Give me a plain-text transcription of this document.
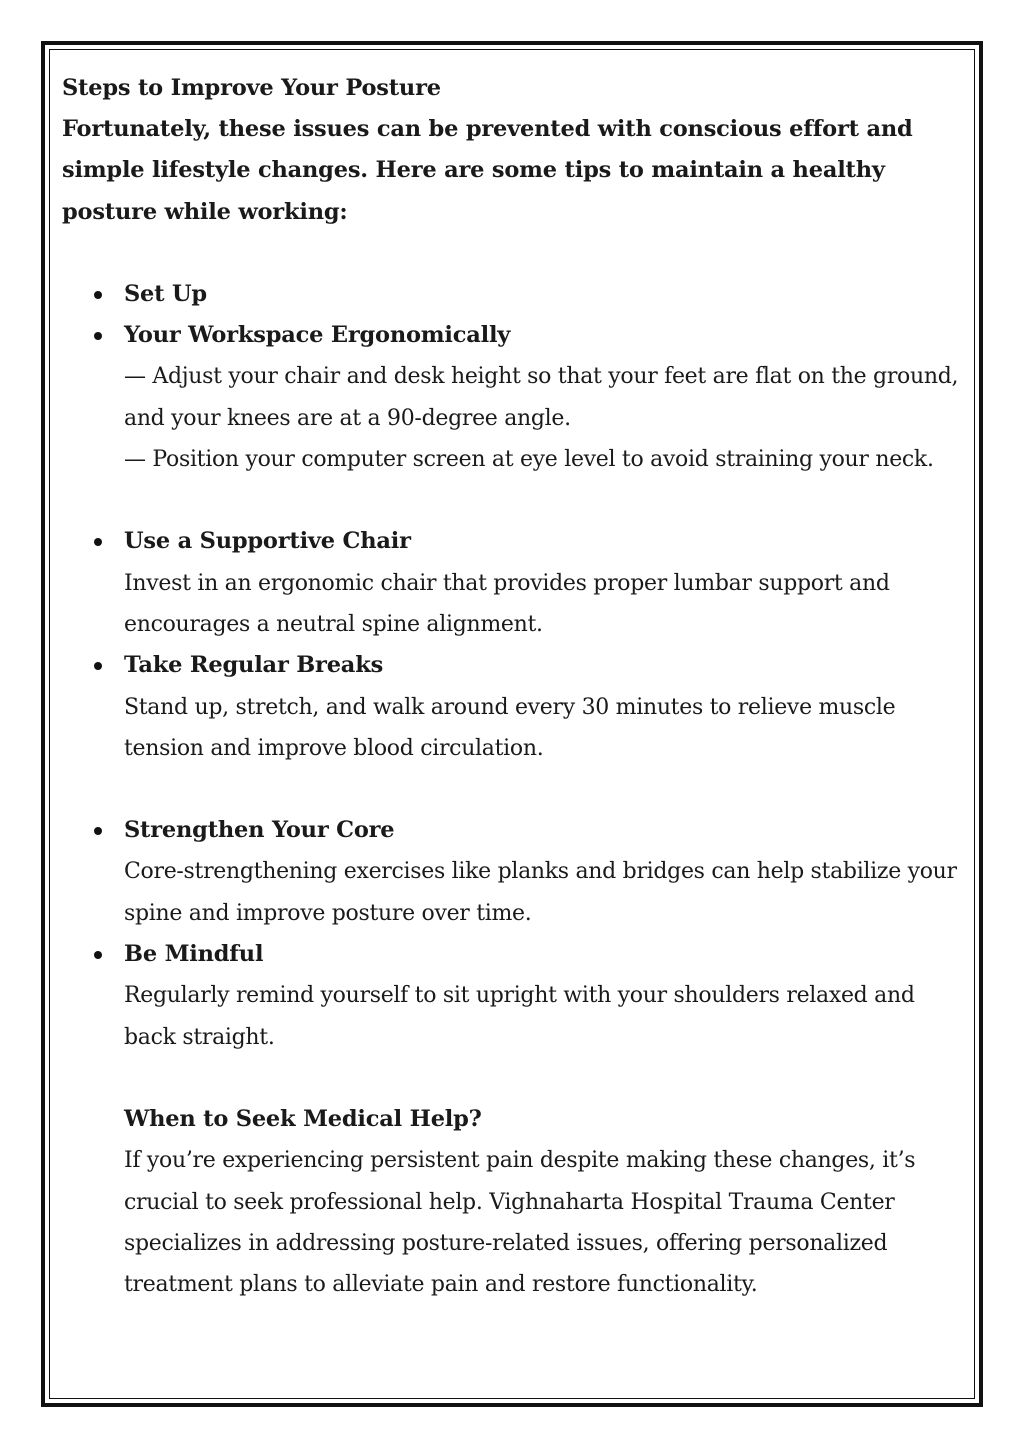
Steps to Improve Your Posture

Fortunately, these issues can be prevented with conscious effort and simple lifestyle changes. Here are some tips to maintain a healthy posture while working:

Set Up
Your Workspace Ergonomically
— Adjust your chair and desk height so that your feet are flat on the ground, and your knees are at a 90-degree angle.
— Position your computer screen at eye level to avoid straining your neck.
Use a Supportive Chair
Invest in an ergonomic chair that provides proper lumbar support and encourages a neutral spine alignment.
Take Regular Breaks
Stand up, stretch, and walk around every 30 minutes to relieve muscle tension and improve blood circulation.
Strengthen Your Core
Core-strengthening exercises like planks and bridges can help stabilize your spine and improve posture over time.
Be Mindful
Regularly remind yourself to sit upright with your shoulders relaxed and back straight.
When to Seek Medical Help?
If you’re experiencing persistent pain despite making these changes, it’s crucial to seek professional help. Vighnaharta Hospital Trauma Center specializes in addressing posture-related issues, offering personalized treatment plans to alleviate pain and restore functionality.
